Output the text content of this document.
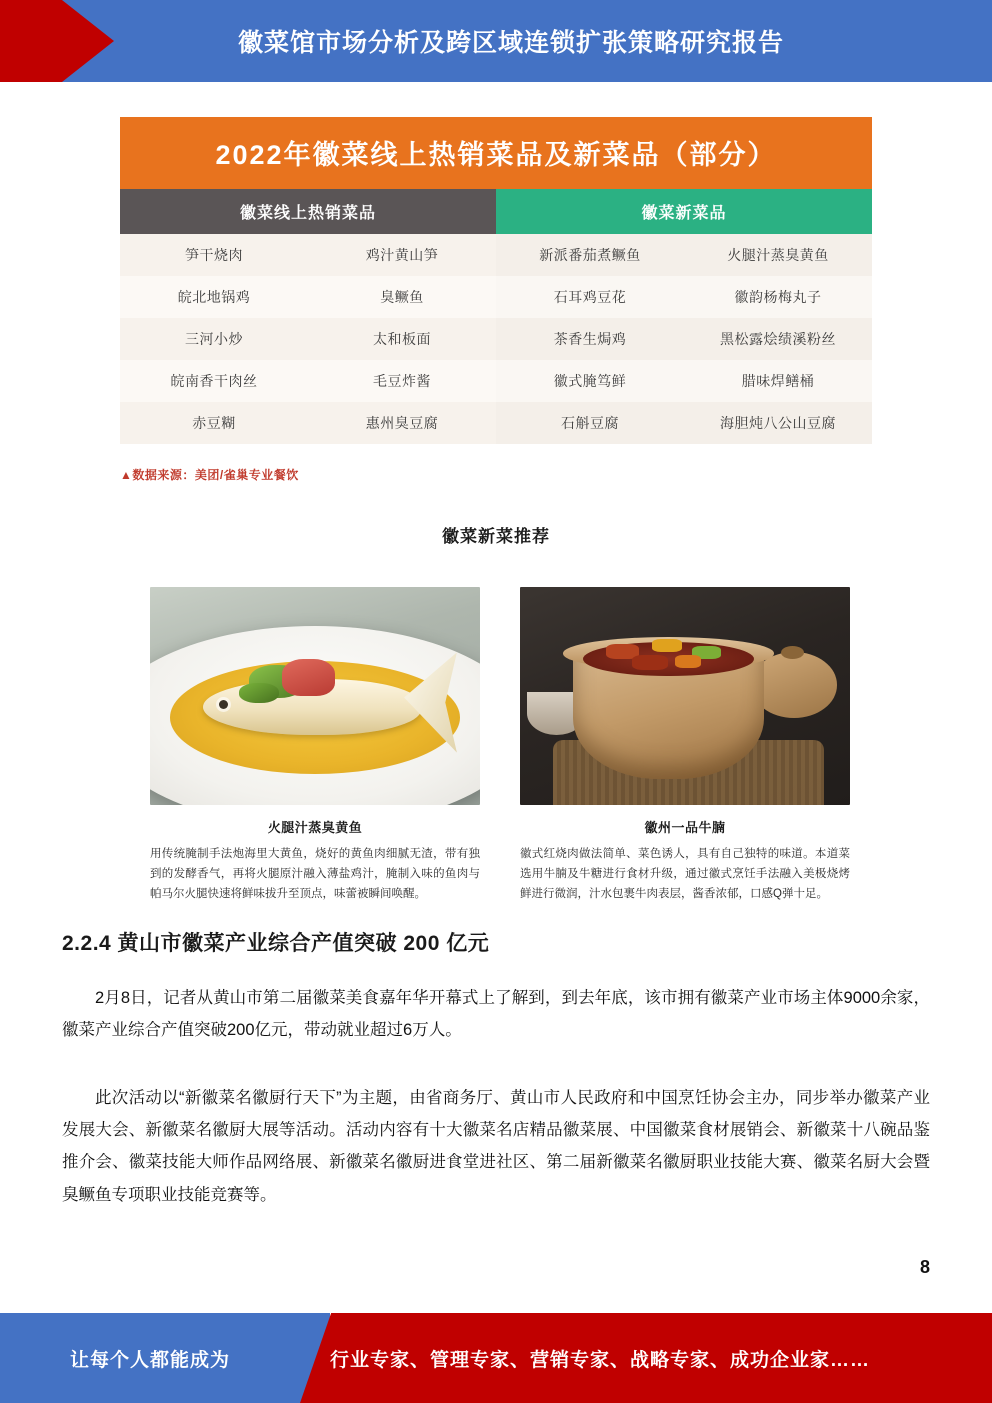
徽菜馆市场分析及跨区域连锁扩张策略研究报告
2022年徽菜线上热销菜品及新菜品（部分）
徽菜线上热销菜品	徽菜新菜品
笋干烧肉
皖北地锅鸡
三河小炒
皖南香干肉丝
赤豆糊
鸡汁黄山笋
臭鳜鱼
太和板面
毛豆炸酱
惠州臭豆腐
新派番茄煮鳜鱼
石耳鸡豆花
茶香生焗鸡
徽式腌笃鲜
石斛豆腐
火腿汁蒸臭黄鱼
徽韵杨梅丸子
黑松露烩绩溪粉丝
腊味焊鳝桶
海胆炖八公山豆腐
▲数据来源：美团/雀巢专业餐饮
徽菜新菜推荐
火腿汁蒸臭黄鱼
用传统腌制手法炮海里大黄鱼，烧好的黄鱼肉细腻无渣，带有独到的发酵香气，再将火腿原汁融入薄盐鸡汁，腌制入味的鱼肉与帕马尔火腿快速将鲜味拔升至顶点，味蕾被瞬间唤醒。
徽州一品牛腩
徽式红烧肉做法简单、菜色诱人，具有自己独特的味道。本道菜选用牛腩及牛糖进行食材升级，通过徽式烹饪手法融入美极烧烤鲜进行微润，汁水包裹牛肉表层，酱香浓郁，口感Q弹十足。
2.2.4 黄山市徽菜产业综合产值突破 200 亿元
2月8日，记者从黄山市第二届徽菜美食嘉年华开幕式上了解到，到去年底，该市拥有徽菜产业市场主体9000余家，徽菜产业综合产值突破200亿元，带动就业超过6万人。
此次活动以“新徽菜名徽厨行天下”为主题，由省商务厅、黄山市人民政府和中国烹饪协会主办，同步举办徽菜产业发展大会、新徽菜名徽厨大展等活动。活动内容有十大徽菜名店精品徽菜展、中国徽菜食材展销会、新徽菜十八碗品鉴推介会、徽菜技能大师作品网络展、新徽菜名徽厨进食堂进社区、第二届新徽菜名徽厨职业技能大赛、徽菜名厨大会暨臭鳜鱼专项职业技能竞赛等。
8
让每个人都能成为	行业专家、管理专家、营销专家、战略专家、成功企业家……
